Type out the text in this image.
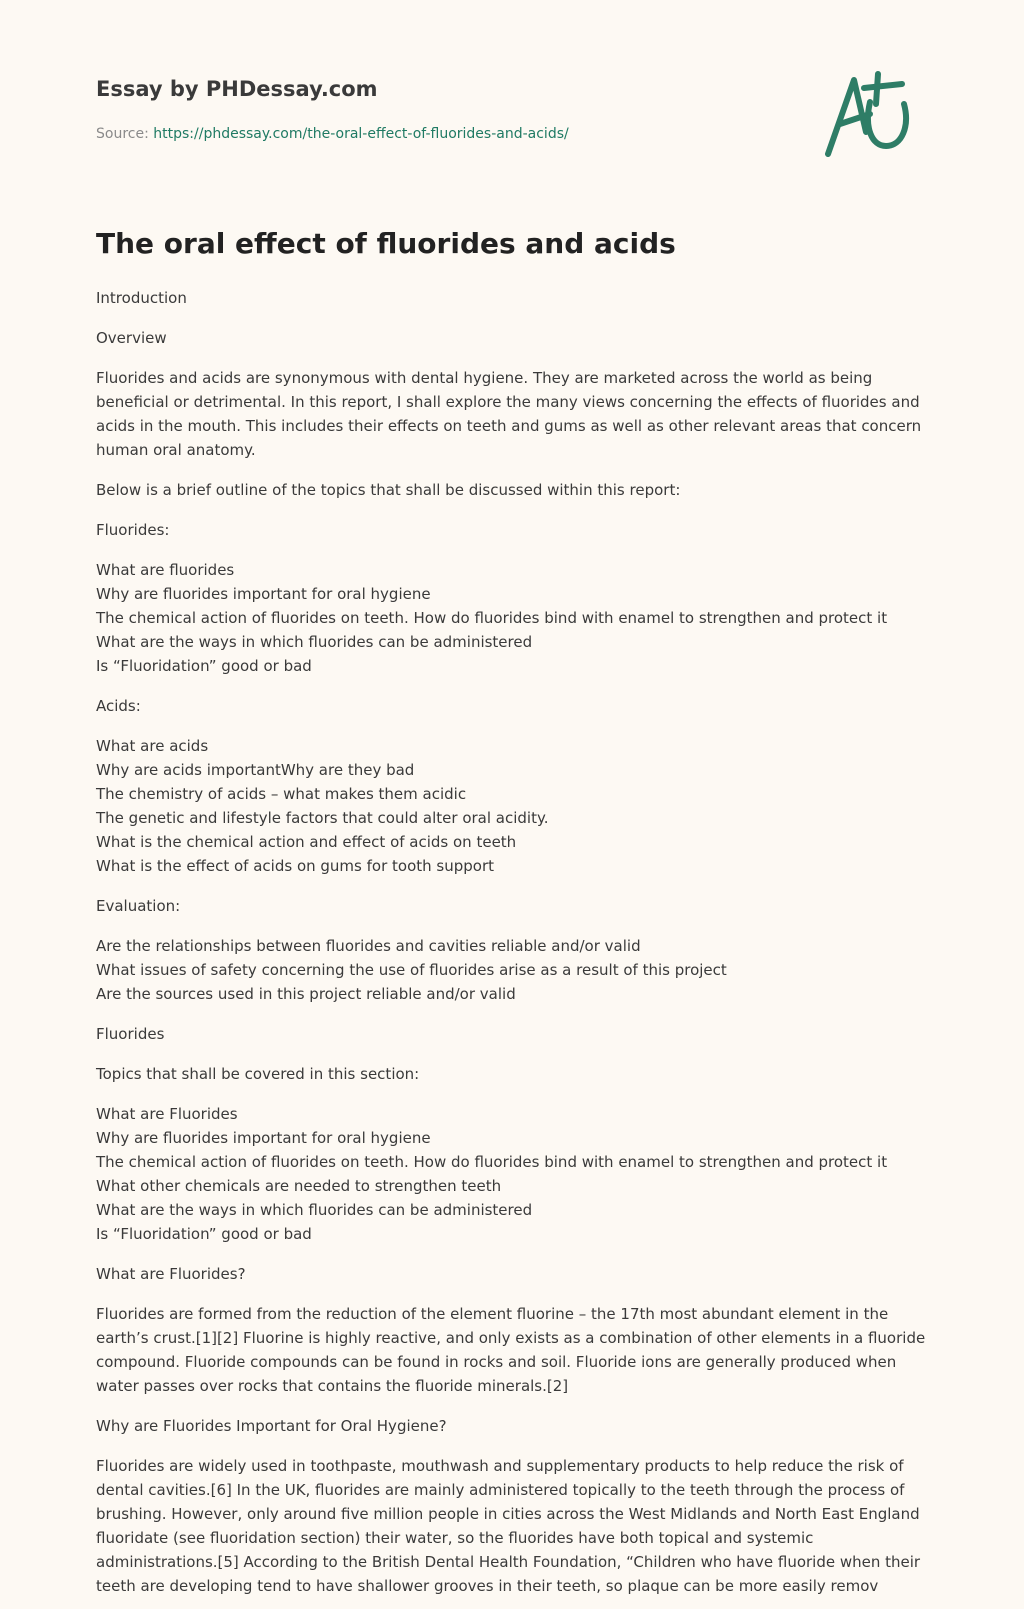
Essay by PHDessay.com
Source: https://phdessay.com/the-oral-effect-of-fluorides-and-acids/
The oral effect of fluorides and acids

Introduction

Overview

Fluorides and acids are synonymous with dental hygiene. They are marketed across the world as being beneficial or detrimental. In this report, I shall explore the many views concerning the effects of fluorides and acids in the mouth. This includes their effects on teeth and gums as well as other relevant areas that concern human oral anatomy.

Below is a brief outline of the topics that shall be discussed within this report:

Fluorides:

What are fluorides
Why are fluorides important for oral hygiene
The chemical action of fluorides on teeth. How do fluorides bind with enamel to strengthen and protect it
What are the ways in which fluorides can be administered
Is “Fluoridation” good or bad

Acids:

What are acids
Why are acids importantWhy are they bad
The chemistry of acids – what makes them acidic
The genetic and lifestyle factors that could alter oral acidity.
What is the chemical action and effect of acids on teeth
What is the effect of acids on gums for tooth support

Evaluation:

Are the relationships between fluorides and cavities reliable and/or valid
What issues of safety concerning the use of fluorides arise as a result of this project
Are the sources used in this project reliable and/or valid

Fluorides

Topics that shall be covered in this section:

What are Fluorides
Why are fluorides important for oral hygiene
The chemical action of fluorides on teeth. How do fluorides bind with enamel to strengthen and protect it
What other chemicals are needed to strengthen teeth
What are the ways in which fluorides can be administered
Is “Fluoridation” good or bad

What are Fluorides?

Fluorides are formed from the reduction of the element fluorine – the 17th most abundant element in the earth’s crust.[1][2] Fluorine is highly reactive, and only exists as a combination of other elements in a fluoride compound. Fluoride compounds can be found in rocks and soil. Fluoride ions are generally produced when water passes over rocks that contains the fluoride minerals.[2]

Why are Fluorides Important for Oral Hygiene?

Fluorides are widely used in toothpaste, mouthwash and supplementary products to help reduce the risk of dental cavities.[6] In the UK, fluorides are mainly administered topically to the teeth through the process of brushing. However, only around five million people in cities across the West Midlands and North East England fluoridate (see fluoridation section) their water, so the fluorides have both topical and systemic administrations.[5] According to the British Dental Health Foundation, “Children who have fluoride when their teeth are developing tend to have shallower grooves in their teeth, so plaque can be more easily remov
